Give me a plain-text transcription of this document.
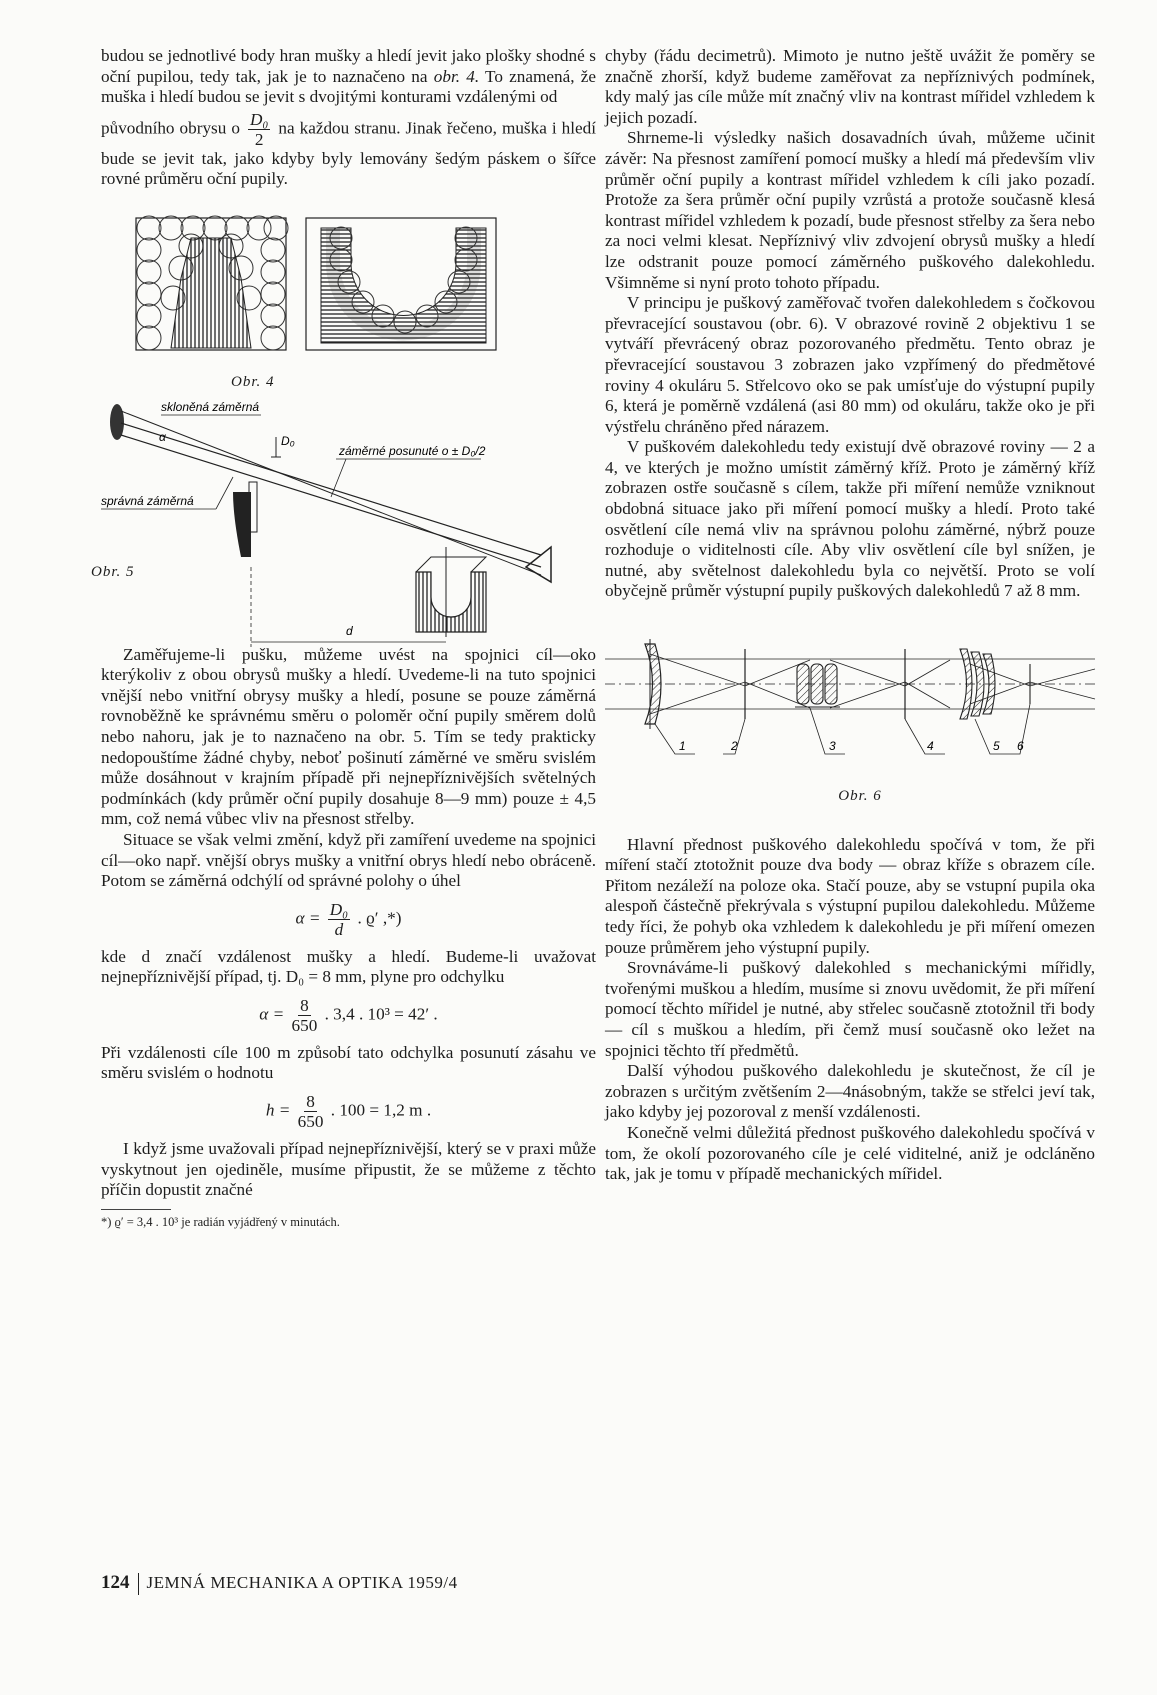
budou se jednotlivé body hran mušky a hledí jevit jako plošky shodné s oční pupilou, tedy tak, jak je to naznačeno na obr. 4. To znamená, že muška i hledí budou se jevit s dvojitými konturami vzdálenými od

původního obrysu o $\frac{\text{D₀}}{2}$ na každou stranu. Jinak řečeno, muška i hledí bude se jevit tak, jako kdyby byly lemovány šedým páskem o šířce rovné průměru oční pupily.

Obr. 4
skloněná záměrná
α	D₀
záměrné posunuté o ± D₀/2
správná záměrná
d
Obr. 5

Zaměřujeme-li pušku, můžeme uvést na spojnici cíl—oko kterýkoliv z obou obrysů mušky a hledí. Uvedeme-li na tuto spojnici vnější nebo vnitřní obrysy mušky a hledí, posune se pouze záměrná rovnoběžně ke správnému směru o poloměr oční pupily směrem dolů nebo nahoru, jak je to naznačeno na obr. 5. Tím se tedy prakticky nedopouštíme žádné chyby, neboť pošinutí záměrné ve směru svislém může dosáhnout v krajním případě při nejnepříznivějších světelných podmínkách (kdy průměr oční pupily dosahuje 8—9 mm) pouze ± 4,5 mm, což nemá vůbec vliv na přesnost střelby.

Situace se však velmi změní, když při zamíření uvedeme na spojnici cíl—oko např. vnější obrys mušky a vnitřní obrys hledí nebo obráceně. Potom se záměrná odchýlí od správné polohy o úhel

$\alpha = \frac{\text{D₀}}{d}$ . ϱ′ ,*)

kde d značí vzdálenost mušky a hledí. Budeme-li uvažovat nejnepříznivější případ, tj. D₀ = 8 mm, plyne pro odchylku

$\alpha = \frac{8}{650}$ . 3,4 . 10³ = 42′ .

Při vzdálenosti cíle 100 m způsobí tato odchylka posunutí zásahu ve směru svislém o hodnotu

$h = \frac{8}{650}$ . 100 = 1,2 m .

I když jsme uvažovali případ nejnepříznivější, který se v praxi může vyskytnout jen ojediněle, musíme připustit, že se můžeme z těchto příčin dopustit značné

*) ϱ′ = 3,4 . 10³ je radián vyjádřený v minutách.

chyby (řádu decimetrů). Mimoto je nutno ještě uvážit že poměry se značně zhorší, když budeme zaměřovat za nepříznivých podmínek, kdy malý jas cíle může mít značný vliv na kontrast mířidel vzhledem k jejich pozadí.

Shrneme-li výsledky našich dosavadních úvah, můžeme učinit závěr: Na přesnost zamíření pomocí mušky a hledí má především vliv průměr oční pupily a kontrast mířidel vzhledem k cíli jako pozadí. Protože za šera průměr oční pupily vzrůstá a protože současně klesá kontrast mířidel vzhledem k pozadí, bude přesnost střelby za šera nebo za noci velmi klesat. Nepříznivý vliv zdvojení obrysů mušky a hledí lze odstranit pouze pomocí záměrného puškového dalekohledu. Všimněme si nyní proto tohoto případu.

V principu je puškový zaměřovač tvořen dalekohledem s čočkovou převracející soustavou (obr. 6). V obrazové rovině 2 objektivu 1 se vytváří převrácený obraz pozorovaného předmětu. Tento obraz je převracející soustavou 3 zobrazen jako vzpřímený do předmětové roviny 4 okuláru 5. Střelcovo oko se pak umísťuje do výstupní pupily 6, která je poměrně vzdálená (asi 80 mm) od okuláru, takže oko je při výstřelu chráněno před nárazem.

V puškovém dalekohledu tedy existují dvě obrazové roviny — 2 a 4, ve kterých je možno umístit záměrný kříž. Proto je záměrný kříž zobrazen ostře současně s cílem, takže při míření nemůže vzniknout obdobná situace jako při míření pomocí mušky a hledí. Proto také osvětlení cíle nemá vliv na správnou polohu záměrné, nýbrž pouze rozhoduje o viditelnosti cíle. Aby vliv osvětlení cíle byl snížen, je nutné, aby světelnost dalekohledu byla co největší. Proto se volí obyčejně průměr výstupní pupily puškových dalekohledů 7 až 8 mm.

1	2	3	4	5 6
Obr. 6

Hlavní přednost puškového dalekohledu spočívá v tom, že při míření stačí ztotožnit pouze dva body — obraz kříže s obrazem cíle. Přitom nezáleží na poloze oka. Stačí pouze, aby se vstupní pupila oka alespoň částečně překrývala s výstupní pupilou dalekohledu. Můžeme tedy říci, že pohyb oka vzhledem k dalekohledu je při míření omezen pouze průměrem jeho výstupní pupily.

Srovnáváme-li puškový dalekohled s mechanickými mířidly, tvořenými muškou a hledím, musíme si znovu uvědomit, že při míření pomocí těchto mířidel je nutné, aby střelec současně ztotožnil tři body — cíl s muškou a hledím, při čemž musí současně oko ležet na spojnici těchto tří předmětů.

Další výhodou puškového dalekohledu je skutečnost, že cíl je zobrazen s určitým zvětšením 2—4násobným, takže se střelci jeví tak, jako kdyby jej pozoroval z menší vzdálenosti.

Konečně velmi důležitá přednost puškového dalekohledu spočívá v tom, že okolí pozorovaného cíle je celé viditelné, aniž je odcláněno tak, jak je tomu v případě mechanických mířidel.

124 JEMNÁ MECHANIKA A OPTIKA 1959/4
